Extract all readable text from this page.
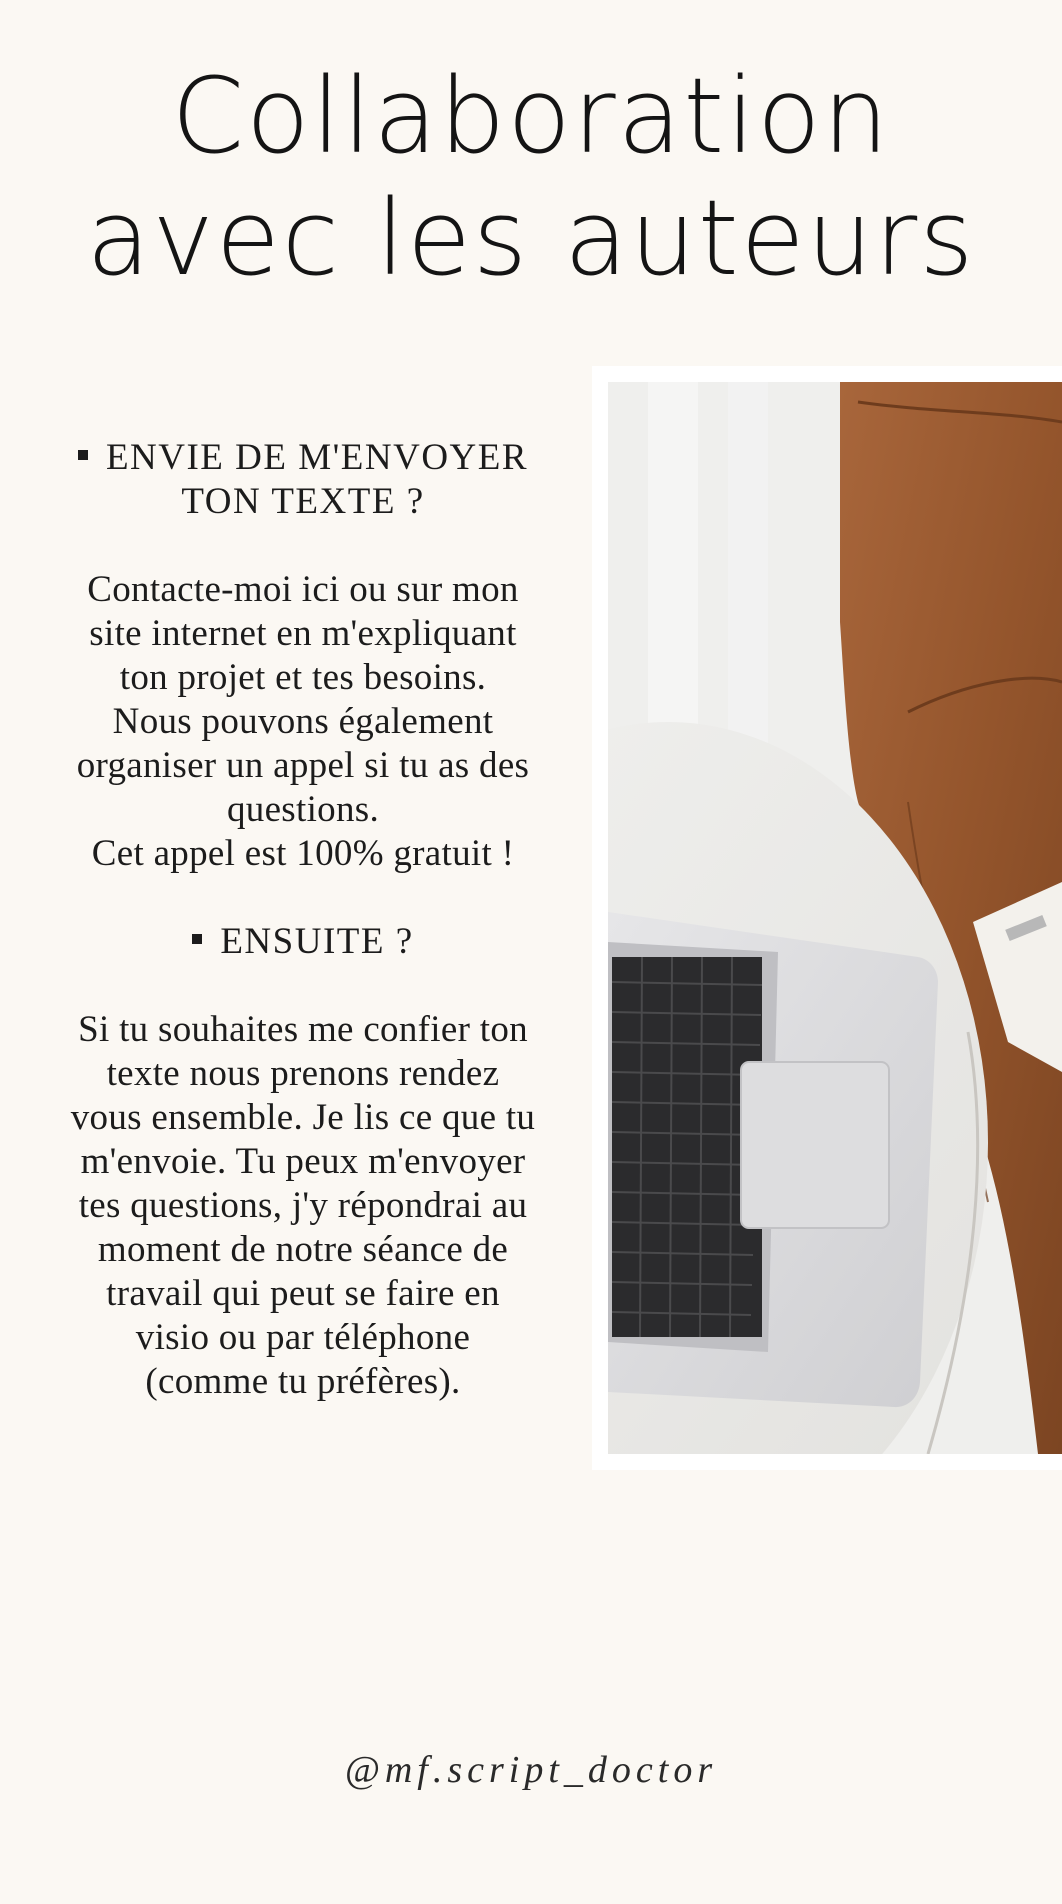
Collaboration
avec les auteurs

ENVIE DE M'ENVOYER
TON TEXTE ?

Contacte-moi ici ou sur mon
site internet en m'expliquant
ton projet et tes besoins.
Nous pouvons également
organiser un appel si tu as des
questions.
Cet appel est 100% gratuit !

ENSUITE ?

Si tu souhaites me confier ton
texte nous prenons rendez
vous ensemble. Je lis ce que tu
m'envoie. Tu peux m'envoyer
tes questions, j'y répondrai au
moment de notre séance de
travail qui peut se faire en
visio ou par téléphone
(comme tu préfères).

@mf.script_doctor
